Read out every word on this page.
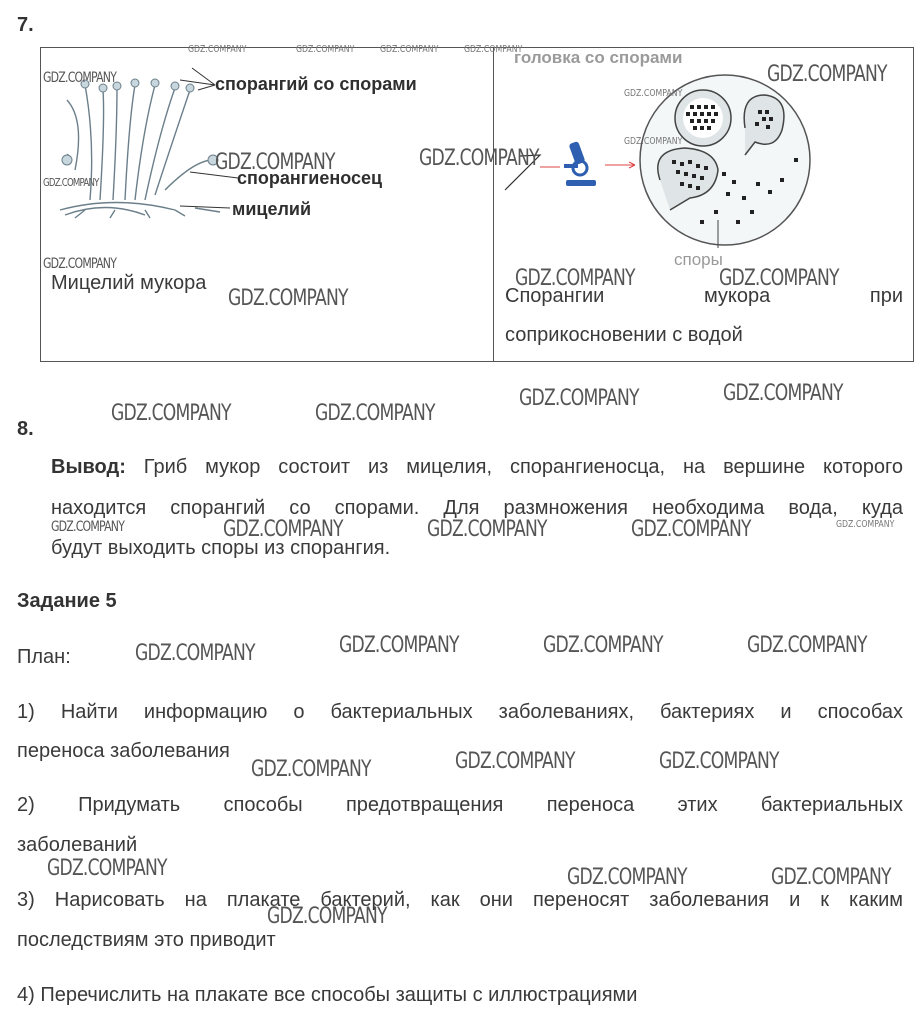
7.
спорангий со спорами
спорангиеносец
мицелий
Мицелий мукора
головка со спорами
споры
Спорангии	мукора	при
соприкосновении с водой
8.
Вывод: Гриб мукор состоит из мицелия, спорангиеносца, на вершине которого
находится спорангий со спорами. Для размножения необходима вода, куда
будут выходить споры из спорангия.
Задание 5
План:
1) Найти информацию о бактериальных заболеваниях, бактериях и способах
переноса заболевания
2) Придумать способы предотвращения переноса этих бактериальных
заболеваний
3) Нарисовать на плакате бактерий, как они переносят заболевания и к каким
последствиям это приводит
4) Перечислить на плакате все способы защиты с иллюстрациями
GDZ.COMPANY	GDZ.COMPANY	GDZ.COMPANY	GDZ.COMPANY
GDZ.COMPANY
GDZ.COMPANY
GDZ.COMPANY	GDZ.COMPANY
GDZ.COMPANY
GDZ.COMPANY
GDZ.COMPANY
GDZ.COMPANY
GDZ.COMPANY
GDZ.COMPANY	GDZ.COMPANY
GDZ.COMPANY	GDZ.COMPANY
GDZ.COMPANY	GDZ.COMPANY
GDZ.COMPANY	GDZ.COMPANY	GDZ.COMPANY	GDZ.COMPANY	GDZ.COMPANY
GDZ.COMPANY	GDZ.COMPANY	GDZ.COMPANY	GDZ.COMPANY
GDZ.COMPANY	GDZ.COMPANY	GDZ.COMPANY
GDZ.COMPANY	GDZ.COMPANY	GDZ.COMPANY
GDZ.COMPANY
